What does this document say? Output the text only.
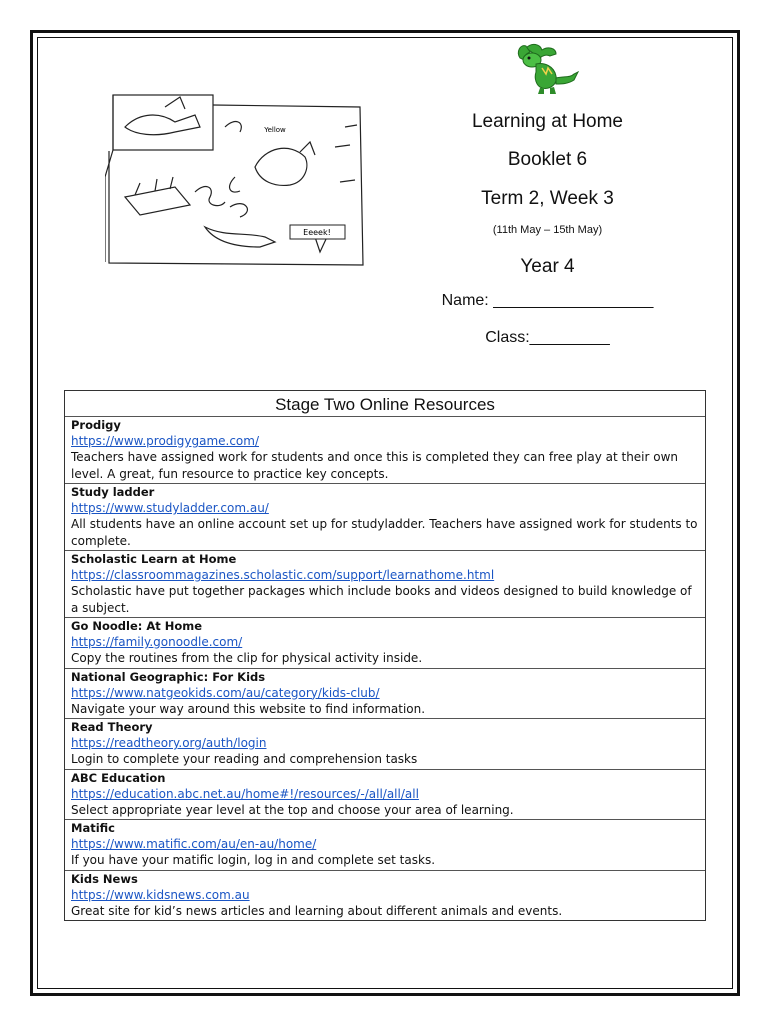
Eeeek!
Yellow	Learning at Home
Booklet 6
Term 2, Week 3
(11th May – 15th May)
Year 4
Name: __________________
Class:_________
Stage Two Online Resources
Prodigy
https://www.prodigygame.com/
Teachers have assigned work for students and once this is completed they can free play at their own level. A great, fun resource to practice key concepts.
Study ladder
https://www.studyladder.com.au/
All students have an online account set up for studyladder. Teachers have assigned work for students to complete.
Scholastic Learn at Home
https://classroommagazines.scholastic.com/support/learnathome.html
Scholastic have put together packages which include books and videos designed to build knowledge of a subject.
Go Noodle: At Home
https://family.gonoodle.com/
Copy the routines from the clip for physical activity inside.
National Geographic: For Kids
https://www.natgeokids.com/au/category/kids-club/
Navigate your way around this website to find information.
Read Theory
https://readtheory.org/auth/login
Login to complete your reading and comprehension tasks
ABC Education
https://education.abc.net.au/home#!/resources/-/all/all/all
Select appropriate year level at the top and choose your area of learning.
Matific
https://www.matific.com/au/en-au/home/
If you have your matific login, log in and complete set tasks.
Kids News
https://www.kidsnews.com.au
Great site for kid’s news articles and learning about different animals and events.
